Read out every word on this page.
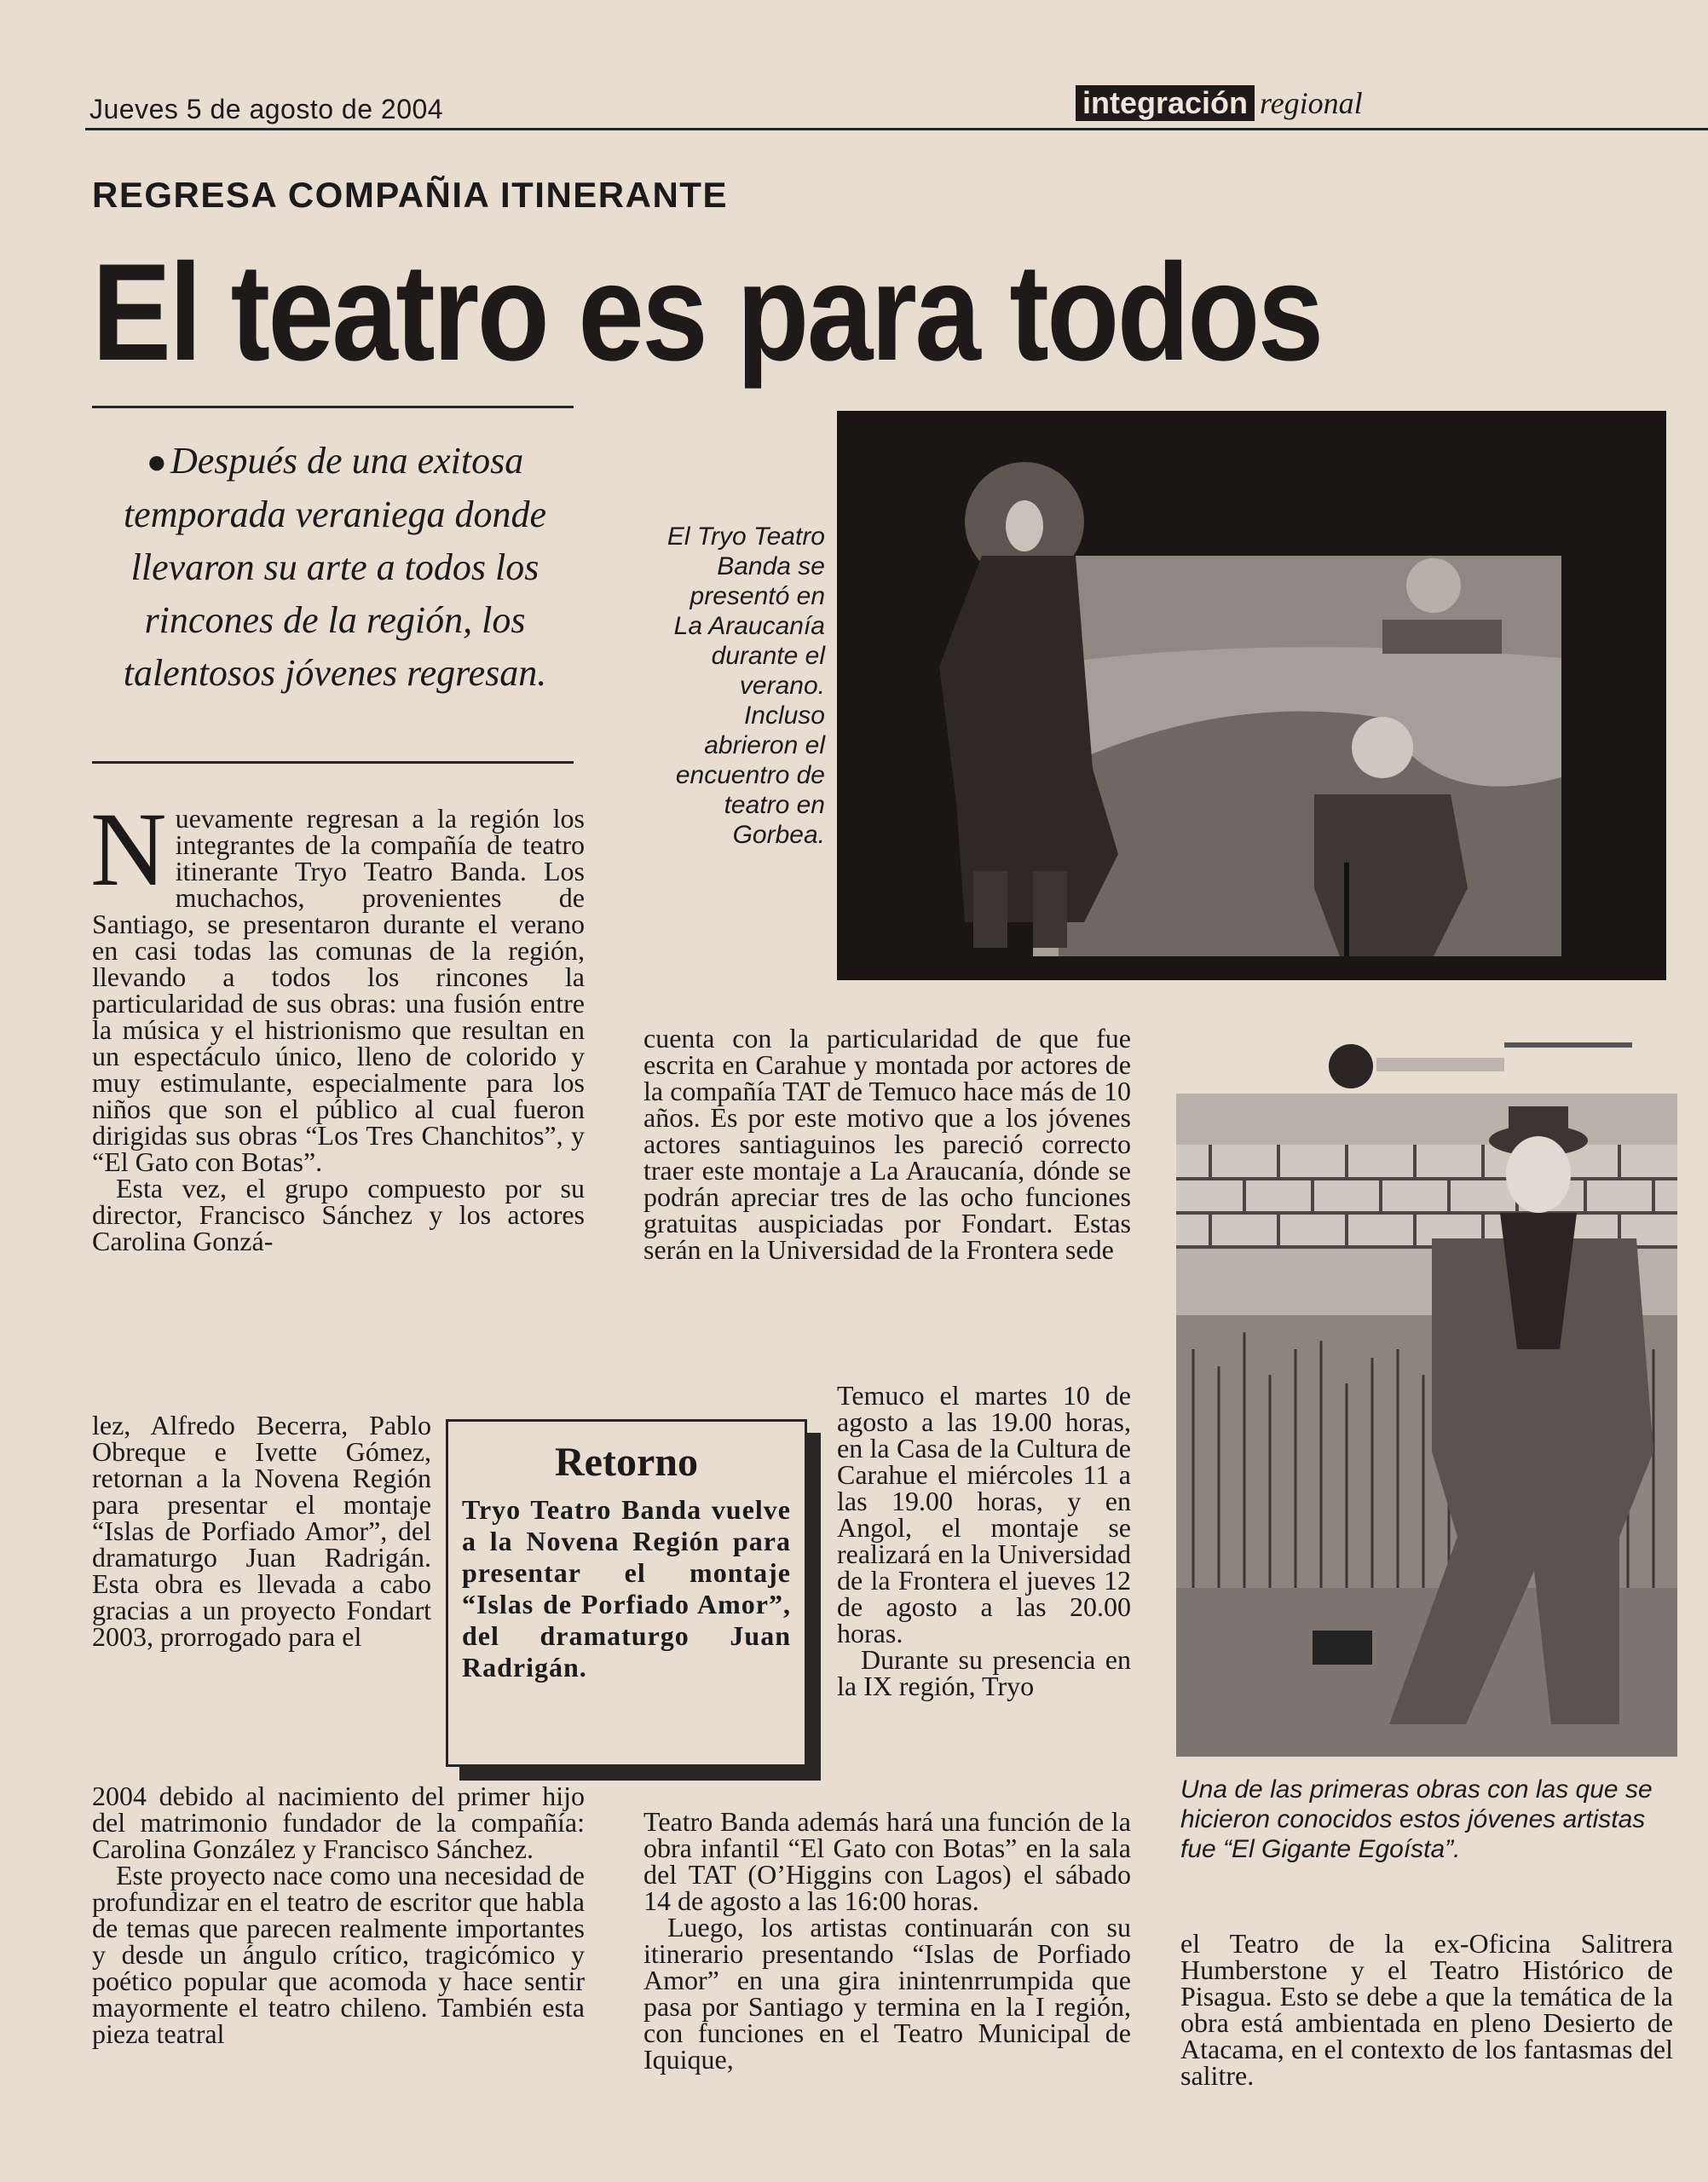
Jueves 5 de agosto de 2004	integración regional
REGRESA COMPAÑIA ITINERANTE
El teatro es para todos
●Después de una exitosa temporada veraniega donde llevaron su arte a todos los rincones de la región, los talentosos jóvenes regresan.
El Tryo Teatro Banda se presentó en La Araucanía durante el verano. Incluso abrieron el encuentro de teatro en Gorbea.
Una de las primeras obras con las que se hicieron conocidos estos jóvenes artistas fue “El Gigante Egoísta”.

Nuevamente regresan a la región los integrantes de la compañía de teatro itinerante Tryo Teatro Banda. Los muchachos, provenientes de Santiago, se presentaron durante el verano en casi todas las comunas de la región, llevando a todos los rincones la particularidad de sus obras: una fusión entre la música y el histrionismo que resultan en un espectáculo único, lleno de colorido y muy estimulante, especialmente para los niños que son el público al cual fueron dirigidas sus obras “Los Tres Chanchitos”, y “El Gato con Botas”.

Esta vez, el grupo compuesto por su director, Francisco Sánchez y los actores Carolina Gonzá-

lez, Alfredo Becerra, Pablo Obreque e Ivette Gómez, retornan a la Novena Región para presentar el montaje “Islas de Porfiado Amor”, del dramaturgo Juan Radrigán. Esta obra es llevada a cabo gracias a un proyecto Fondart 2003, prorrogado para el

2004 debido al nacimiento del primer hijo del matrimonio fundador de la compañía: Carolina González y Francisco Sánchez.

Este proyecto nace como una necesidad de profundizar en el teatro de escritor que habla de temas que parecen realmente importantes y desde un ángulo crítico, tragicómico y poético popular que acomoda y hace sentir mayormente el teatro chileno. También esta pieza teatral

Retorno
Tryo Teatro Banda vuelve a la Novena Región para presentar el montaje “Islas de Porfiado Amor”, del dramaturgo Juan Radrigán.

cuenta con la particularidad de que fue escrita en Carahue y montada por actores de la compañía TAT de Temuco hace más de 10 años. Es por este motivo que a los jóvenes actores santiaguinos les pareció correcto traer este montaje a La Araucanía, dónde se podrán apreciar tres de las ocho funciones gratuitas auspiciadas por Fondart. Estas serán en la Universidad de la Frontera sede

Temuco el martes 10 de agosto a las 19.00 horas, en la Casa de la Cultura de Carahue el miércoles 11 a las 19.00 horas, y en Angol, el montaje se realizará en la Universidad de la Frontera el jueves 12 de agosto a las 20.00 horas.

Durante su presencia en la IX región, Tryo

Teatro Banda además hará una función de la obra infantil “El Gato con Botas” en la sala del TAT (O’Higgins con Lagos) el sábado 14 de agosto a las 16:00 horas.

Luego, los artistas continuarán con su itinerario presentando “Islas de Porfiado Amor” en una gira inintenrrumpida que pasa por Santiago y termina en la I región, con funciones en el Teatro Municipal de Iquique,

el Teatro de la ex-Oficina Salitrera Humberstone y el Teatro Histórico de Pisagua. Esto se debe a que la temática de la obra está ambientada en pleno Desierto de Atacama, en el contexto de los fantasmas del salitre.
